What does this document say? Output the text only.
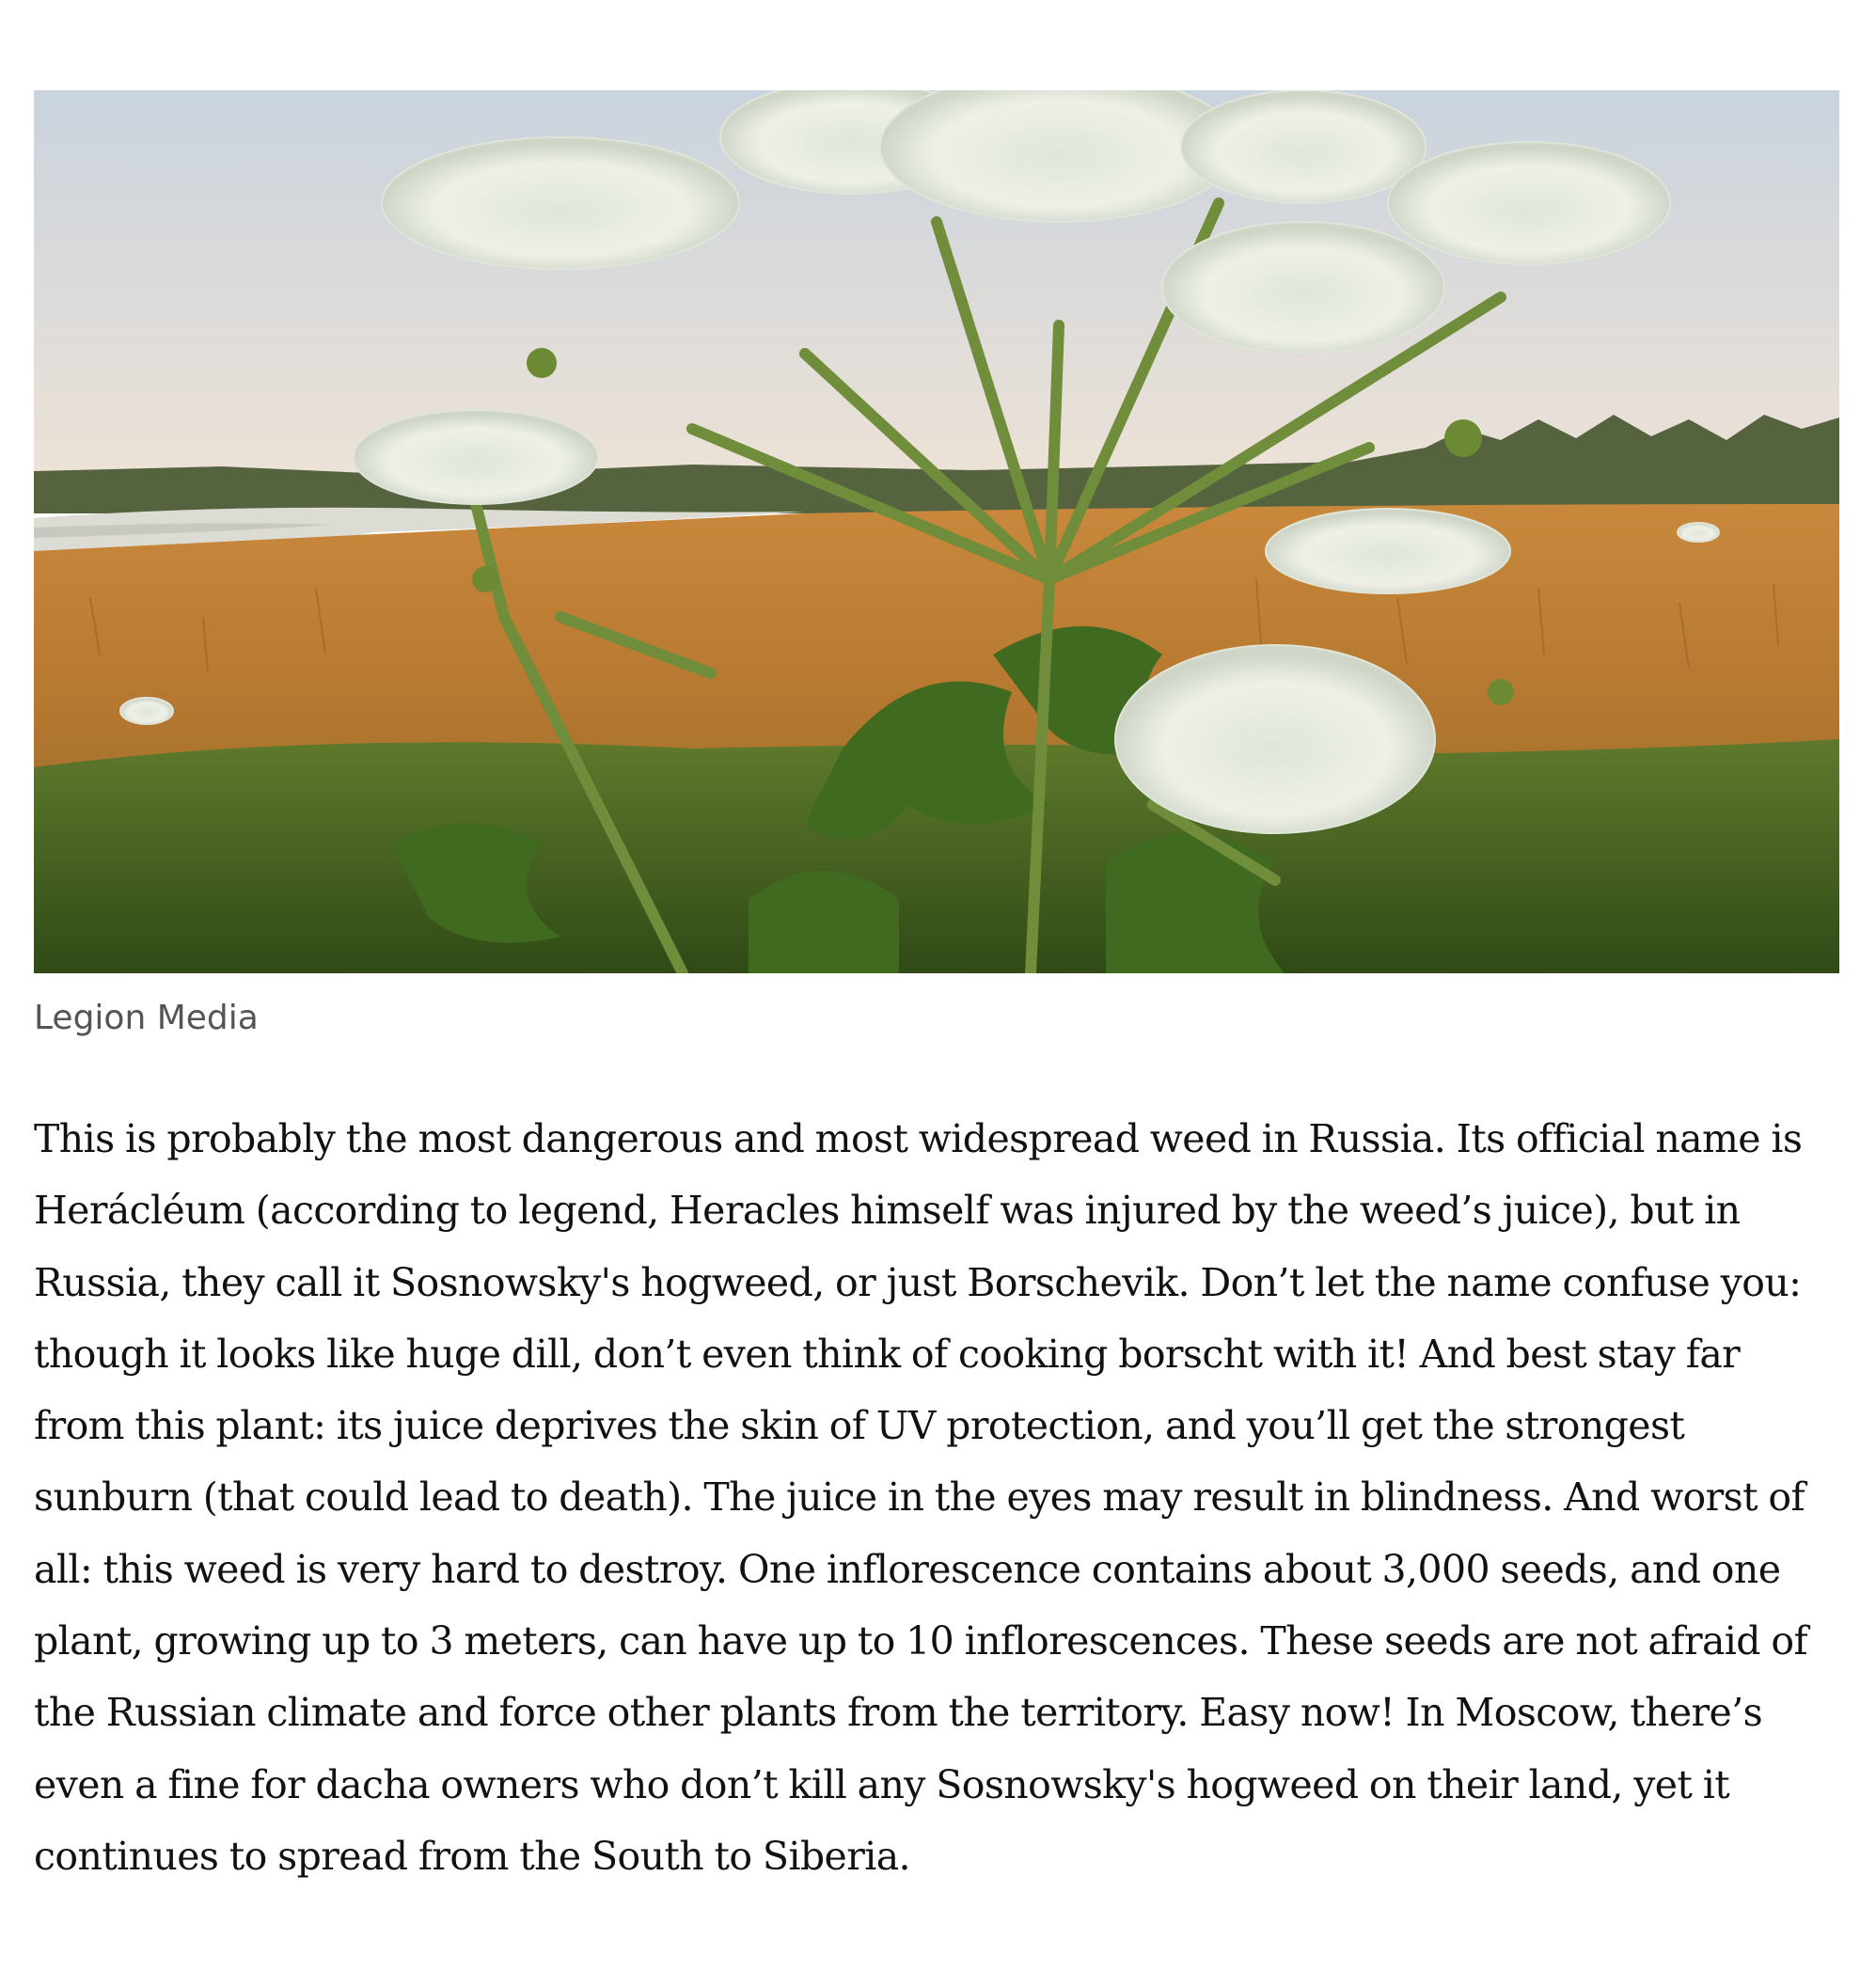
Legion Media

This is probably the most dangerous and most widespread weed in Russia. Its official name is Herácléum (according to legend, Heracles himself was injured by the weed’s juice), but in Russia, they call it Sosnowsky's hogweed, or just Borschevik. Don’t let the name confuse you: though it looks like huge dill, don’t even think of cooking borscht with it! And best stay far from this plant: its juice deprives the skin of UV protection, and you’ll get the strongest sunburn (that could lead to death). The juice in the eyes may result in blindness. And worst of all: this weed is very hard to destroy. One inflorescence contains about 3,000 seeds, and one plant, growing up to 3 meters, can have up to 10 inflorescences. These seeds are not afraid of the Russian climate and force other plants from the territory. Easy now! In Moscow, there’s even a fine for dacha owners who don’t kill any Sosnowsky's hogweed on their land, yet it continues to spread from the South to Siberia.
